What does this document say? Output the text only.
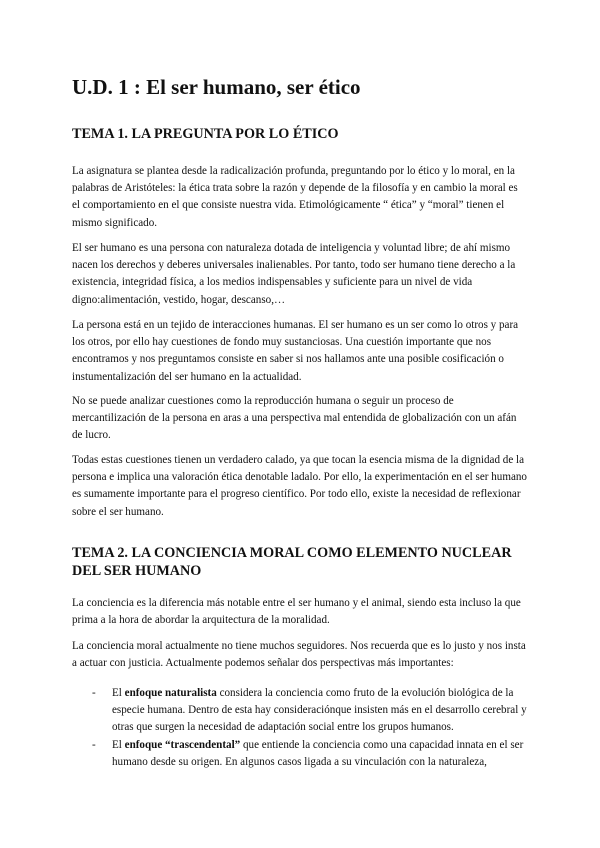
U.D. 1 : El ser humano, ser ético
TEMA 1. LA PREGUNTA POR LO ÉTICO

La asignatura se plantea desde la radicalización profunda, preguntando por lo ético y lo moral, en la palabras de Aristóteles: la ética trata sobre la razón y depende de la filosofía y en cambio la moral es el comportamiento en el que consiste nuestra vida. Etimológicamente “ ética” y “moral” tienen el mismo significado.

El ser humano es una persona con naturaleza dotada de inteligencia y voluntad libre; de ahí mismo nacen los derechos y deberes universales inalienables. Por tanto, todo ser humano tiene derecho a la existencia, integridad física, a los medios indispensables y suficiente para un nivel de vida digno:alimentación, vestido, hogar, descanso,…

La persona está en un tejido de interacciones humanas. El ser humano es un ser como lo otros y para los otros, por ello hay cuestiones de fondo muy sustanciosas. Una cuestión importante que nos encontramos y nos preguntamos consiste en saber si nos hallamos ante una posible cosificación o instumentalización del ser humano en la actualidad.

No se puede analizar cuestiones como la reproducción humana o seguir un proceso de mercantilización de la persona en aras a una perspectiva mal entendida de globalización con un afán de lucro.

Todas estas cuestiones tienen un verdadero calado, ya que tocan la esencia misma de la dignidad de la persona e implica una valoración ética denotable ladalo. Por ello, la experimentación en el ser humano es sumamente importante para el progreso científico. Por todo ello, existe la necesidad de reflexionar sobre el ser humano.

TEMA 2. LA CONCIENCIA MORAL COMO ELEMENTO NUCLEAR DEL SER HUMANO

La conciencia es la diferencia más notable entre el ser humano y el animal, siendo esta incluso la que prima a la hora de abordar la arquitectura de la moralidad.

La conciencia moral actualmente no tiene muchos seguidores. Nos recuerda que es lo justo y nos insta a actuar con justicia. Actualmente podemos señalar dos perspectivas más importantes:

-	El enfoque naturalista considera la conciencia como fruto de la evolución biológica de la especie humana. Dentro de esta hay consideraciónque insisten más en el desarrollo cerebral y otras que surgen la necesidad de adaptación social entre los grupos humanos.
-	El enfoque “trascendental” que entiende la conciencia como una capacidad innata en el ser humano desde su origen. En algunos casos ligada a su vinculación con la naturaleza,
